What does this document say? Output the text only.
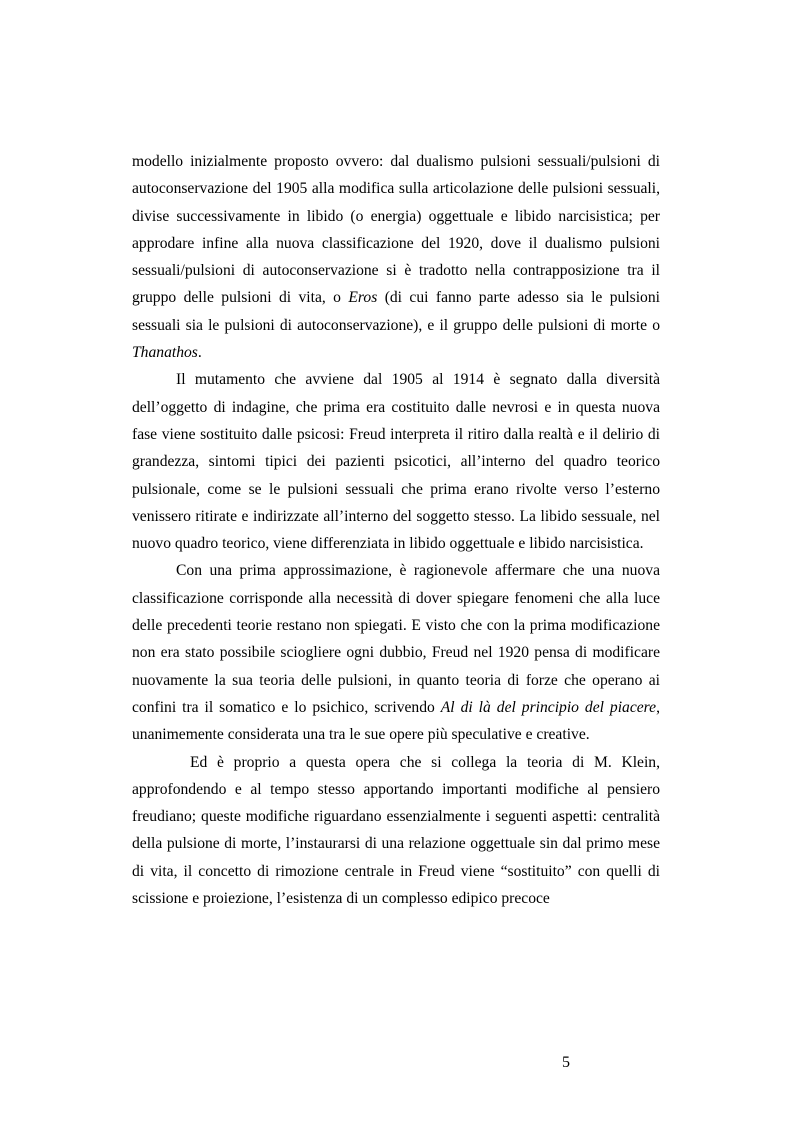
modello inizialmente proposto ovvero: dal dualismo pulsioni sessuali/pulsioni di autoconservazione del 1905 alla modifica sulla articolazione delle pulsioni sessuali, divise successivamente in libido (o energia) oggettuale e libido narcisistica; per approdare infine alla nuova classificazione del 1920, dove il dualismo pulsioni sessuali/pulsioni di autoconservazione si è tradotto nella contrapposizione tra il gruppo delle pulsioni di vita, o Eros (di cui fanno parte adesso sia le pulsioni sessuali sia le pulsioni di autoconservazione), e il gruppo delle pulsioni di morte o Thanathos.

Il mutamento che avviene dal 1905 al 1914 è segnato dalla diversità dell’oggetto di indagine, che prima era costituito dalle nevrosi e in questa nuova fase viene sostituito dalle psicosi: Freud interpreta il ritiro dalla realtà e il delirio di grandezza, sintomi tipici dei pazienti psicotici, all’interno del quadro teorico pulsionale, come se le pulsioni sessuali che prima erano rivolte verso l’esterno venissero ritirate e indirizzate all’interno del soggetto stesso. La libido sessuale, nel nuovo quadro teorico, viene differenziata in libido oggettuale e libido narcisistica.

Con una prima approssimazione, è ragionevole affermare che una nuova classificazione corrisponde alla necessità di dover spiegare fenomeni che alla luce delle precedenti teorie restano non spiegati. E visto che con la prima modificazione non era stato possibile sciogliere ogni dubbio, Freud nel 1920 pensa di modificare nuovamente la sua teoria delle pulsioni, in quanto teoria di forze che operano ai confini tra il somatico e lo psichico, scrivendo Al di là del principio del piacere, unanimemente considerata una tra le sue opere più speculative e creative.

Ed è proprio a questa opera che si collega la teoria di M. Klein, approfondendo e al tempo stesso apportando importanti modifiche al pensiero freudiano; queste modifiche riguardano essenzialmente i seguenti aspetti: centralità della pulsione di morte, l’instaurarsi di una relazione oggettuale sin dal primo mese di vita, il concetto di rimozione centrale in Freud viene “sostituito” con quelli di scissione e proiezione, l’esistenza di un complesso edipico precoce

5
